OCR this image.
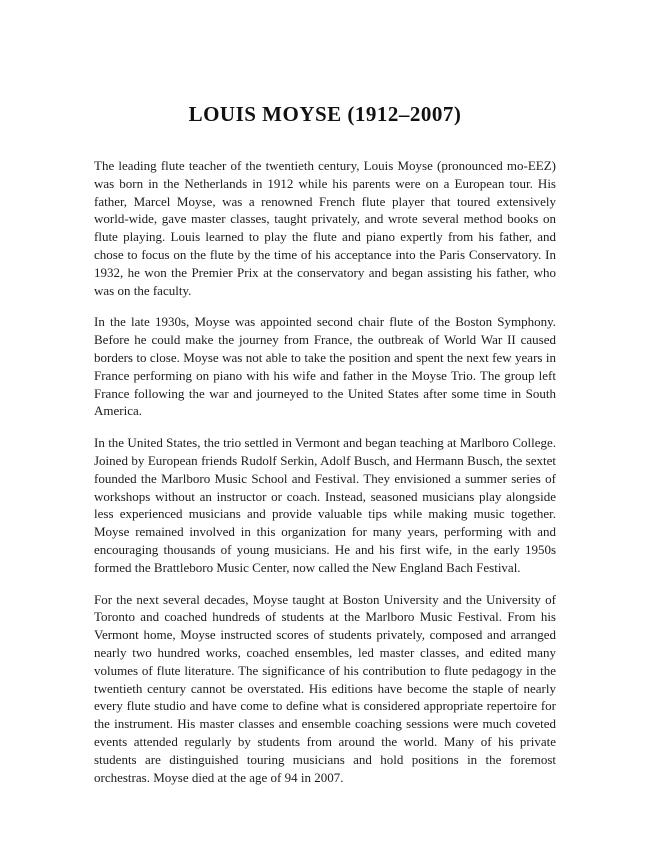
LOUIS MOYSE (1912–2007)

The leading flute teacher of the twentieth century, Louis Moyse (pronounced mo-EEZ) was born in the Netherlands in 1912 while his parents were on a European tour. His father, Marcel Moyse, was a renowned French flute player that toured extensively world-wide, gave master classes, taught privately, and wrote several method books on flute playing. Louis learned to play the flute and piano expertly from his father, and chose to focus on the flute by the time of his acceptance into the Paris Conservatory. In 1932, he won the Premier Prix at the conservatory and began assisting his father, who was on the faculty.

In the late 1930s, Moyse was appointed second chair flute of the Boston Symphony. Before he could make the journey from France, the outbreak of World War II caused borders to close. Moyse was not able to take the position and spent the next few years in France performing on piano with his wife and father in the Moyse Trio. The group left France following the war and journeyed to the United States after some time in South America.

In the United States, the trio settled in Vermont and began teaching at Marlboro College. Joined by European friends Rudolf Serkin, Adolf Busch, and Hermann Busch, the sextet founded the Marlboro Music School and Festival. They envisioned a summer series of workshops without an instructor or coach. Instead, seasoned musicians play alongside less experienced musicians and provide valuable tips while making music together. Moyse remained involved in this organization for many years, performing with and encouraging thousands of young musicians. He and his first wife, in the early 1950s formed the Brattleboro Music Center, now called the New England Bach Festival.

For the next several decades, Moyse taught at Boston University and the University of Toronto and coached hundreds of students at the Marlboro Music Festival. From his Vermont home, Moyse instructed scores of students privately, composed and arranged nearly two hundred works, coached ensembles, led master classes, and edited many volumes of flute literature. The significance of his contribution to flute pedagogy in the twentieth century cannot be overstated. His editions have become the staple of nearly every flute studio and have come to define what is considered appropriate repertoire for the instrument. His master classes and ensemble coaching sessions were much coveted events attended regularly by students from around the world. Many of his private students are distinguished touring musicians and hold positions in the foremost orchestras. Moyse died at the age of 94 in 2007.
